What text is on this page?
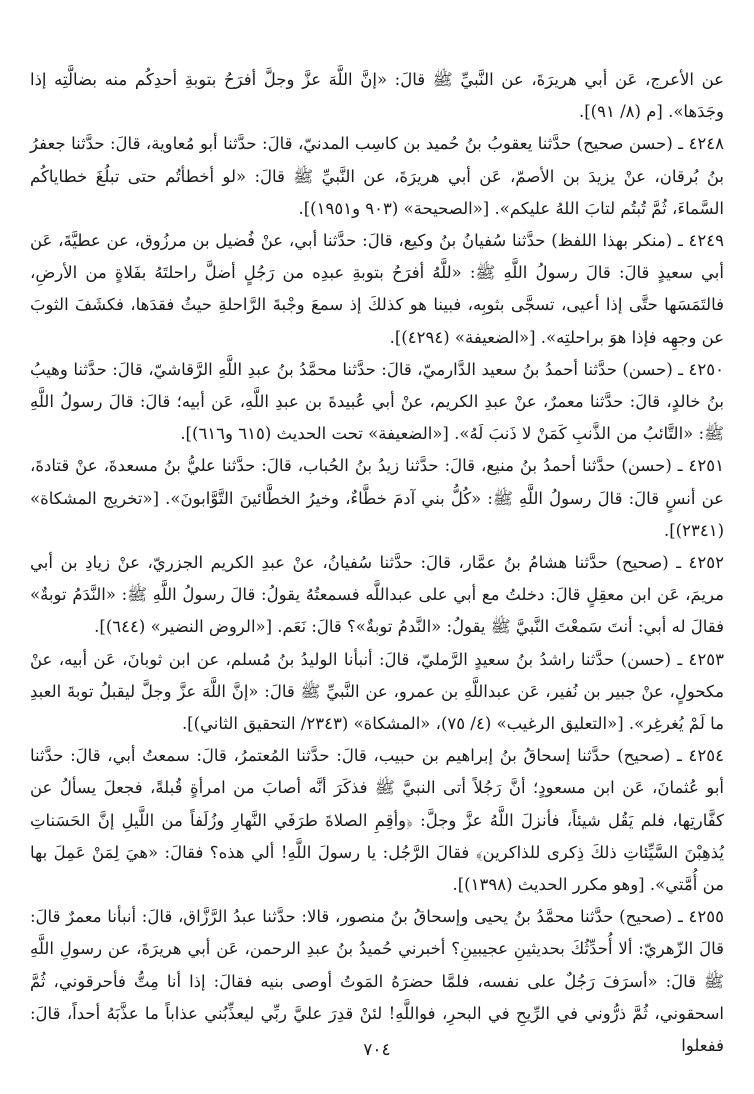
عن الأعرج، عَن أبي هريرَةَ، عن النَّبيِّ ﷺ قالَ: «إنَّ اللَّهَ عزَّ وجلَّ أفرَحُ بتوبةِ أحدِكُم منه بضالَّتِه إذا وجَدَها». [م (٨/ ٩١)].

٤٢٤٨ ـ (حسن صحيح) حدَّثنا يعقوبُ بنُ حُميد بن كاسِب المدنيّ، قالَ: حدَّثنا أبو مُعاوية، قالَ: حدَّثنا جعفرُ بنُ بُرقان، عنْ يزيدَ بن الأصمّ، عَن أبي هريرَةَ، عن النَّبيِّ ﷺ قالَ: «لو أخطأتُم حتى تبلُغَ خطاياكُم السَّماءَ، ثُمَّ تُبتُم لتابَ اللهُ عليكم». [«الصحيحة» (٩٠٣ و١٩٥١)].

٤٢٤٩ ـ (منكر بهذا اللفظ) حدَّثنا سُفيانُ بنُ وكيع، قالَ: حدَّثنا أبي، عنْ فُضيل بن مرزُوق، عن عطيَّةَ، عَن أبي سعيدٍ قالَ: قالَ رسولُ اللَّهِ ﷺ: «للَّهُ أفرَحُ بتوبةِ عبدِه من رَجُلٍ أضلَّ راحلتَهُ بفَلاةٍ من الأرضِ، فالتَمَسَها حتَّى إذا أعيى، تسجَّى بثوبِه، فبينا هو كذلكَ إذ سمعَ وجْبةَ الرَّاحلةِ حيثُ فقدَها، فكشَفَ الثوبَ عن وجهِه فإذا هوَ براحلتِه». [«الضعيفة» (٤٢٩٤)].

٤٢٥٠ ـ (حسن) حدَّثنا أحمدُ بنُ سعيد الدَّارميّ، قالَ: حدَّثنا محمَّدُ بنُ عبدِ اللَّهِ الرَّقاشيّ، قالَ: حدَّثنا وهيبُ بنُ خالدٍ، قالَ: حدَّثنا معمرٌ، عنْ عبدِ الكريم، عنْ أبي عُبيدةَ بن عبدِ اللَّهِ، عَن أبيه؛ قالَ: قالَ رسولُ اللَّهِ ﷺ: «التَّائبُ من الذَّنبِ كَمَنْ لا ذَنبَ لَهُ». [«الضعيفة» تحت الحديث (٦١٥ و٦١٦)].

٤٢٥١ ـ (حسن) حدَّثنا أحمدُ بنُ منيع، قالَ: حدَّثنا زيدُ بنُ الحُباب، قالَ: حدَّثنا عليُّ بنُ مسعدةَ، عنْ قتادةَ، عن أنسٍ قالَ: قالَ رسولُ اللَّهِ ﷺ: «كُلُّ بني آدمَ خطَّاءٌ، وخيرُ الخطَّائينَ التَّوَّابونَ». [«تخريج المشكاة» (٢٣٤١)].

٤٢٥٢ ـ (صحيح) حدَّثنا هشامُ بنُ عمَّار، قالَ: حدَّثنا سُفيانُ، عنْ عبدِ الكريم الجزريّ، عنْ زيادِ بن أبي مريمَ، عَن ابن معقِلٍ قالَ: دخلتُ مع أبي على عبداللَّه فسمعتُهُ يقولُ: قالَ رسولُ اللَّهِ ﷺ: «النَّدَمُ توبةٌ» فقالَ له أبي: أنتَ سَمعْتَ النَّبيَّ ﷺ يقولُ: «النَّدمُ توبةٌ»؟ قالَ: نَعَم. [«الروض النضير» (٦٤٤)].

٤٢٥٣ ـ (حسن) حدَّثنا راشدُ بنُ سعيدٍ الرَّمليّ، قالَ: أنبأنا الوليدُ بنُ مُسلم، عن ابن ثوبانَ، عَن أبيه، عنْ مكحولٍ، عنْ جبير بن نُفير، عَن عبداللَّهِ بن عمرو، عن النَّبيِّ ﷺ قالَ: «إنَّ اللَّهَ عزَّ وجلَّ ليقبلُ توبةَ العبدِ ما لَمْ يُغرغِر». [«التعليق الرغيب» (٤/ ٧٥)، «المشكاة» (٢٣٤٣/ التحقيق الثاني)].

٤٢٥٤ ـ (صحيح) حدَّثنا إسحاقُ بنُ إبراهيم بن حبيب، قالَ: حدَّثنا المُعتمرُ، قالَ: سمعتُ أبي، قالَ: حدَّثنا أبو عُثمانَ، عَن ابن مسعودٍ؛ أنَّ رَجُلاً أتى النبيَّ ﷺ فذكَرَ أنَّه أصابَ من امرأةٍ قُبلةً، فجعلَ يسألُ عن كفَّارتِها، فلم يَقُل شيئاً، فأنزلَ اللَّهُ عزَّ وجلَّ: ﴿وأقِمِ الصلاةَ طرَفَي النَّهارِ وزُلَفاً من اللَّيلِ إنَّ الحَسَناتِ يُذهِبْنَ السَّيِّئاتِ ذلكَ ذِكرى للذاكرين﴾ فقالَ الرَّجُل: يا رسولَ اللَّهِ! ألي هذه؟ فقالَ: «هيَ لِمَنْ عَمِلَ بها من أُمَّتي». [وهو مكرر الحديث (١٣٩٨)].

٤٢٥٥ ـ (صحيح) حدَّثنا محمَّدُ بنُ يحيى وإسحاقُ بنُ منصور، قالا: حدَّثنا عبدُ الرَّزَّاق، قالَ: أنبأنا معمرٌ قالَ: قالَ الزّهريّ: ألا أُحدِّثُكَ بحديثينِ عجيبينِ؟ أخبرني حُميدُ بنُ عبدِ الرحمن، عَن أبي هريرَةَ، عن رسولِ اللَّهِ ﷺ قالَ: «أسرَفَ رَجُلٌ على نفسه، فلمَّا حضرَهُ المَوتُ أوصى بنيه فقالَ: إذا أنا مِتُّ فأحرقوني، ثُمَّ اسحقوني، ثُمَّ ذرُّوني في الرِّيحِ في البحرِ، فواللَّهِ! لئنْ قدِرَ عليَّ ربِّي ليعذِّبُني عذاباً ما عذَّبَهُ أحداً، قالَ: ففعلوا

٧٠٤
